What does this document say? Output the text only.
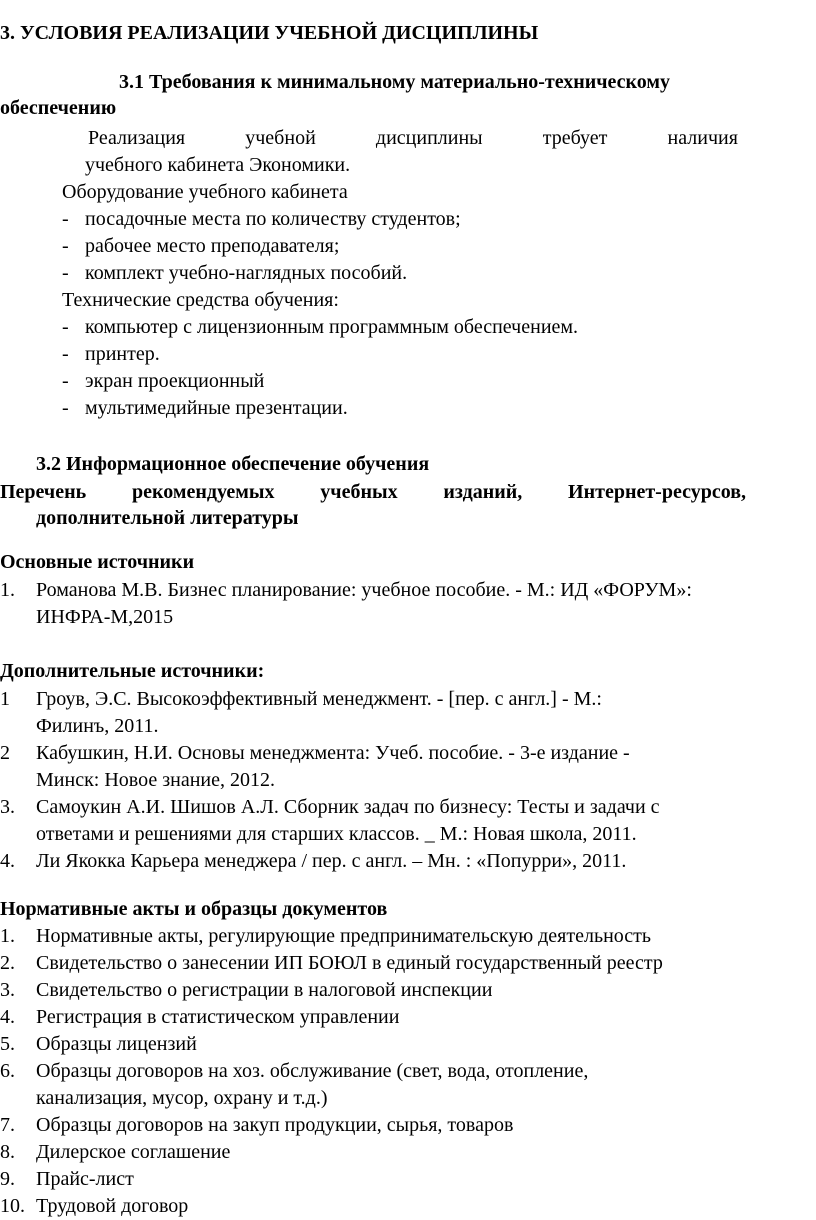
3. УСЛОВИЯ РЕАЛИЗАЦИИ УЧЕБНОЙ ДИСЦИПЛИНЫ
3.1 Требования к минимальному материально-техническому
обеспечению
Реализация	учебной	дисциплины	требует	наличия
учебного кабинета Экономики.
Оборудование учебного кабинета
- посадочные места по количеству студентов;
- рабочее место преподавателя;
- комплект учебно-наглядных пособий.
Технические средства обучения:
- компьютер с лицензионным программным обеспечением.
- принтер.
- экран проекционный
- мультимедийные презентации.
3.2 Информационное обеспечение обучения
Перечень рекомендуемых учебных изданий, Интернет-ресурсов,
дополнительной литературы
Основные источники
1. Романова М.В. Бизнес планирование: учебное пособие. - М.: ИД «ФОРУМ»:
ИНФРА-М,2015
Дополнительные источники:
1 Гроув, Э.С. Высокоэффективный менеджмент. - [пер. с англ.] - М.:
Филинъ, 2011.
2 Кабушкин, Н.И. Основы менеджмента: Учеб. пособие. - 3-е издание -
Минск: Новое знание, 2012.
3. Самоукин А.И. Шишов А.Л. Сборник задач по бизнесу: Тесты и задачи с
ответами и решениями для старших классов. _ М.: Новая школа, 2011.
4. Ли Якокка Карьера менеджера / пер. с англ. – Мн. : «Попурри», 2011.
Нормативные акты и образцы документов
1. Нормативные акты, регулирующие предпринимательскую деятельность
2. Свидетельство о занесении ИП БОЮЛ в единый государственный реестр
3. Свидетельство о регистрации в налоговой инспекции
4. Регистрация в статистическом управлении
5. Образцы лицензий
6. Образцы договоров на хоз. обслуживание (свет, вода, отопление,
канализация, мусор, охрану и т.д.)
7. Образцы договоров на закуп продукции, сырья, товаров
8. Дилерское соглашение
9. Прайс-лист
10. Трудовой договор
